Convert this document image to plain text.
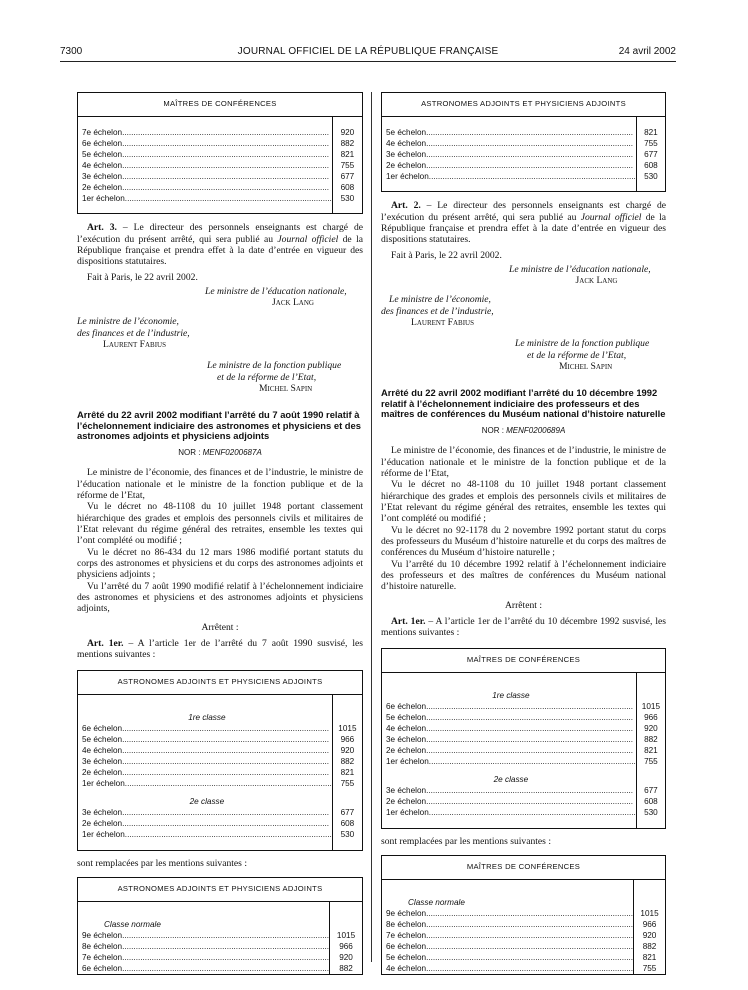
7300	JOURNAL OFFICIEL DE LA RÉPUBLIQUE FRANÇAISE	24 avril 2002
MAÎTRES DE CONFÉRENCES	

7e échelon .....	920
6e échelon .....	882
5e échelon .....	821
4e échelon .....	755
3e échelon .....	677
2e échelon .....	608
1er échelon .....	530

Art. 3. – Le directeur des personnels enseignants est chargé de l’exécution du présent arrêté, qui sera publié au Journal officiel de la République française et prendra effet à la date d’entrée en vigueur des dispositions statutaires.

Fait à Paris, le 22 avril 2002.

Le ministre de l’éducation nationale,
Jack Lang
Le ministre de l’économie,
des finances et de l’industrie,
Laurent Fabius
Le ministre de la fonction publique
et de la réforme de l’Etat,
Michel Sapin
Arrêté du 22 avril 2002 modifiant l’arrêté du 7 août 1990 relatif à l’échelonnement indiciaire des astronomes et physiciens et des astronomes adjoints et physiciens adjoints
NOR : MENF0200687A

Le ministre de l’économie, des finances et de l’industrie, le ministre de l’éducation nationale et le ministre de la fonction publique et de la réforme de l’Etat,

Vu le décret no 48-1108 du 10 juillet 1948 portant classement hiérarchique des grades et emplois des personnels civils et militaires de l’Etat relevant du régime général des retraites, ensemble les textes qui l’ont complété ou modifié ;

Vu le décret no 86-434 du 12 mars 1986 modifié portant statuts du corps des astronomes et physiciens et du corps des astronomes adjoints et physiciens adjoints ;

Vu l’arrêté du 7 août 1990 modifié relatif à l’échelonnement indiciaire des astronomes et physiciens et des astronomes adjoints et physiciens adjoints,

Arrêtent :

Art. 1er. – A l’article 1er de l’arrêté du 7 août 1990 susvisé, les mentions suivantes :

ASTRONOMES ADJOINTS ET PHYSICIENS ADJOINTS	

1re classe	
6e échelon .....	1015
5e échelon .....	966
4e échelon .....	920
3e échelon .....	882
2e échelon .....	821
1er échelon .....	755
2e classe	
3e échelon .....	677
2e échelon .....	608
1er échelon .....	530

sont remplacées par les mentions suivantes :

ASTRONOMES ADJOINTS ET PHYSICIENS ADJOINTS	

Classe normale	
9e échelon .....	1015
8e échelon .....	966
7e échelon .....	920
6e échelon .....	882
ASTRONOMES ADJOINTS ET PHYSICIENS ADJOINTS	

5e échelon .....	821
4e échelon .....	755
3e échelon .....	677
2e échelon .....	608
1er échelon .....	530

Art. 2. – Le directeur des personnels enseignants est chargé de l’exécution du présent arrêté, qui sera publié au Journal officiel de la République française et prendra effet à la date d’entrée en vigueur des dispositions statutaires.

Fait à Paris, le 22 avril 2002.

Le ministre de l’éducation nationale,
Jack Lang
Le ministre de l’économie,
des finances et de l’industrie,
Laurent Fabius
Le ministre de la fonction publique
et de la réforme de l’Etat,
Michel Sapin
Arrêté du 22 avril 2002 modifiant l’arrêté du 10 décembre 1992 relatif à l’échelonnement indiciaire des professeurs et des maîtres de conférences du Muséum national d’histoire naturelle
NOR : MENF0200689A

Le ministre de l’économie, des finances et de l’industrie, le ministre de l’éducation nationale et le ministre de la fonction publique et de la réforme de l’Etat,

Vu le décret no 48-1108 du 10 juillet 1948 portant classement hiérarchique des grades et emplois des personnels civils et militaires de l’Etat relevant du régime général des retraites, ensemble les textes qui l’ont complété ou modifié ;

Vu le décret no 92-1178 du 2 novembre 1992 portant statut du corps des professeurs du Muséum d’histoire naturelle et du corps des maîtres de conférences du Muséum d’histoire naturelle ;

Vu l’arrêté du 10 décembre 1992 relatif à l’échelonnement indiciaire des professeurs et des maîtres de conférences du Muséum national d’histoire naturelle.

Arrêtent :

Art. 1er. – A l’article 1er de l’arrêté du 10 décembre 1992 susvisé, les mentions suivantes :

MAÎTRES DE CONFÉRENCES	

1re classe	
6e échelon .....	1015
5e échelon .....	966
4e échelon .....	920
3e échelon .....	882
2e échelon .....	821
1er échelon .....	755
2e classe	
3e échelon .....	677
2e échelon .....	608
1er échelon .....	530

sont remplacées par les mentions suivantes :

MAÎTRES DE CONFÉRENCES	

Classe normale	
9e échelon .....	1015
8e échelon .....	966
7e échelon .....	920
6e échelon .....	882
5e échelon .....	821
4e échelon .....	755
